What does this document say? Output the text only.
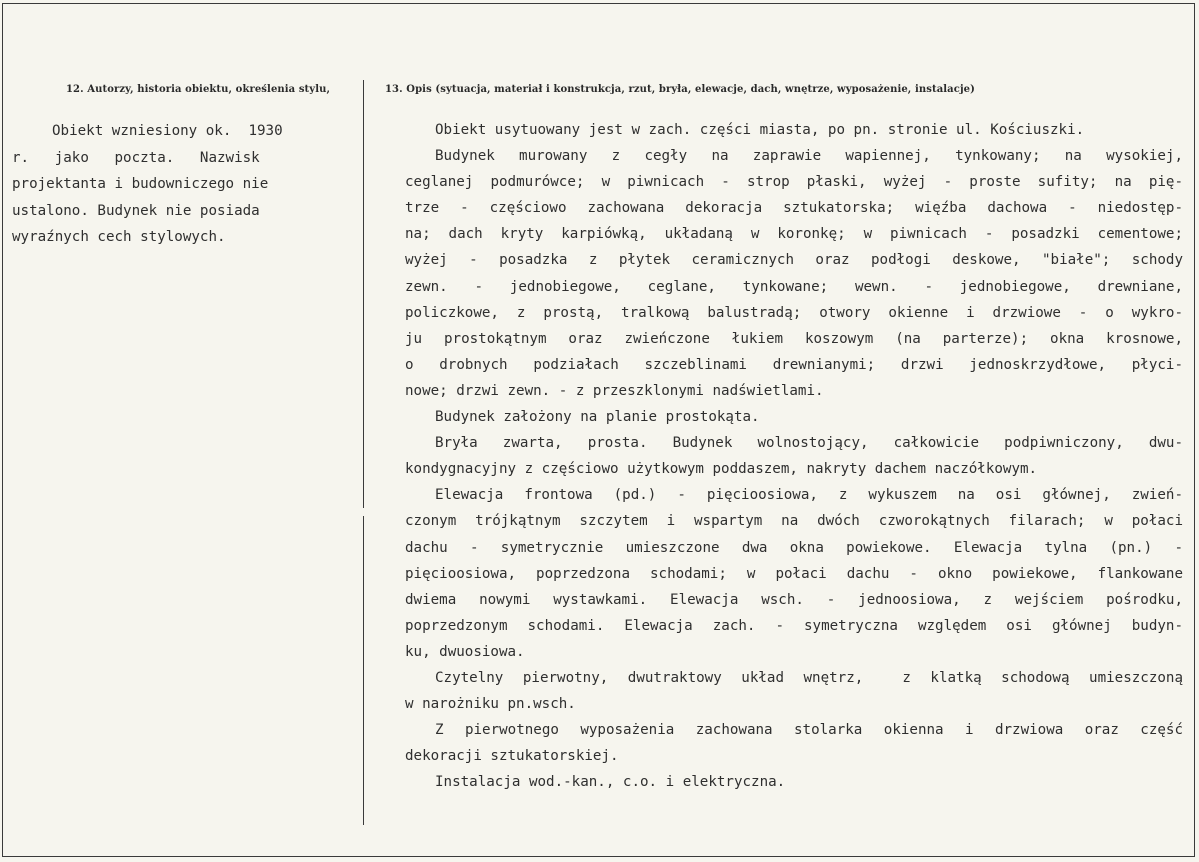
12. Autorzy, historia obiektu, określenia stylu,	13. Opis (sytuacja, materiał i konstrukcja, rzut, bryła, elewacje, dach, wnętrze, wyposażenie, instalacje)
Obiekt wzniesiony ok.  1930
r.   jako   poczta.   Nazwisk
projektanta i budowniczego nie
ustalono. Budynek nie posiada
wyraźnych cech stylowych.
Obiekt usytuowany jest w zach. części miasta, po pn. stronie ul. Kościuszki.
Budynek murowany z cegły na zaprawie wapiennej, tynkowany; na wysokiej,
ceglanej podmurówce; w piwnicach - strop płaski, wyżej - proste sufity; na pię-
trze - częściowo zachowana dekoracja sztukatorska; więźba dachowa - niedostęp-
na; dach kryty karpiówką, układaną w koronkę; w piwnicach - posadzki cementowe;
wyżej - posadzka z płytek ceramicznych oraz podłogi deskowe, "białe"; schody
zewn. - jednobiegowe, ceglane, tynkowane; wewn. - jednobiegowe, drewniane,
policzkowe, z prostą, tralkową balustradą; otwory okienne i drzwiowe - o wykro-
ju prostokątnym oraz zwieńczone łukiem koszowym (na parterze); okna krosnowe,
o drobnych podziałach szczeblinami drewnianymi; drzwi jednoskrzydłowe, płyci-
nowe; drzwi zewn. - z przeszklonymi nadświetlami.
Budynek założony na planie prostokąta.
Bryła zwarta, prosta. Budynek wolnostojący, całkowicie podpiwniczony, dwu-
kondygnacyjny z częściowo użytkowym poddaszem, nakryty dachem naczółkowym.
Elewacja frontowa (pd.) - pięcioosiowa, z wykuszem na osi głównej, zwień-
czonym trójkątnym szczytem i wspartym na dwóch czworokątnych filarach; w połaci
dachu - symetrycznie umieszczone dwa okna powiekowe. Elewacja tylna (pn.) -
pięcioosiowa, poprzedzona schodami; w połaci dachu - okno powiekowe, flankowane
dwiema nowymi wystawkami. Elewacja wsch. - jednoosiowa, z wejściem pośrodku,
poprzedzonym schodami. Elewacja zach. - symetryczna względem osi głównej budyn-
ku, dwuosiowa.
Czytelny pierwotny, dwutraktowy układ wnętrz,  z klatką schodową umieszczoną
w narożniku pn.wsch.
Z pierwotnego wyposażenia zachowana stolarka okienna i drzwiowa oraz część
dekoracji sztukatorskiej.
Instalacja wod.-kan., c.o. i elektryczna.
